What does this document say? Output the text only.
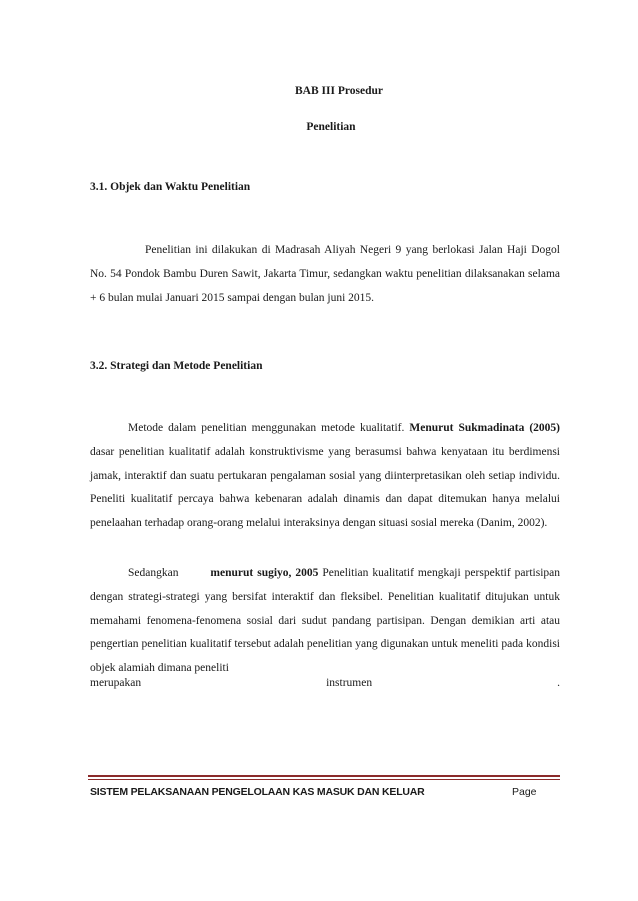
BAB III Prosedur
Penelitian
3.1. Objek dan Waktu Penelitian

Penelitian ini dilakukan di Madrasah Aliyah Negeri 9 yang berlokasi Jalan Haji Dogol No. 54 Pondok Bambu Duren Sawit, Jakarta Timur, sedangkan waktu penelitian dilaksanakan selama + 6 bulan mulai Januari 2015 sampai dengan bulan juni 2015.

3.2. Strategi dan Metode Penelitian

Metode dalam penelitian menggunakan metode kualitatif. Menurut Sukmadinata (2005) dasar penelitian kualitatif adalah konstruktivisme yang berasumsi bahwa kenyataan itu berdimensi jamak, interaktif dan suatu pertukaran pengalaman sosial yang diinterpretasikan oleh setiap individu. Peneliti kualitatif percaya bahwa kebenaran adalah dinamis dan dapat ditemukan hanya melalui penelaahan terhadap orang-orang melalui interaksinya dengan situasi sosial mereka (Danim, 2002).

Sedangkan	menurut sugiyo, 2005 Penelitian kualitatif mengkaji perspektif partisipan dengan strategi-strategi yang bersifat interaktif dan fleksibel. Penelitian kualitatif ditujukan untuk memahami fenomena-fenomena sosial dari sudut pandang partisipan. Dengan demikian arti atau pengertian penelitian kualitatif tersebut adalah penelitian yang digunakan untuk meneliti pada kondisi objek alamiah dimana peneliti

merupakan	instrumen	.
SISTEM PELAKSANAAN PENGELOLAAN KAS MASUK DAN KELUAR	Page
